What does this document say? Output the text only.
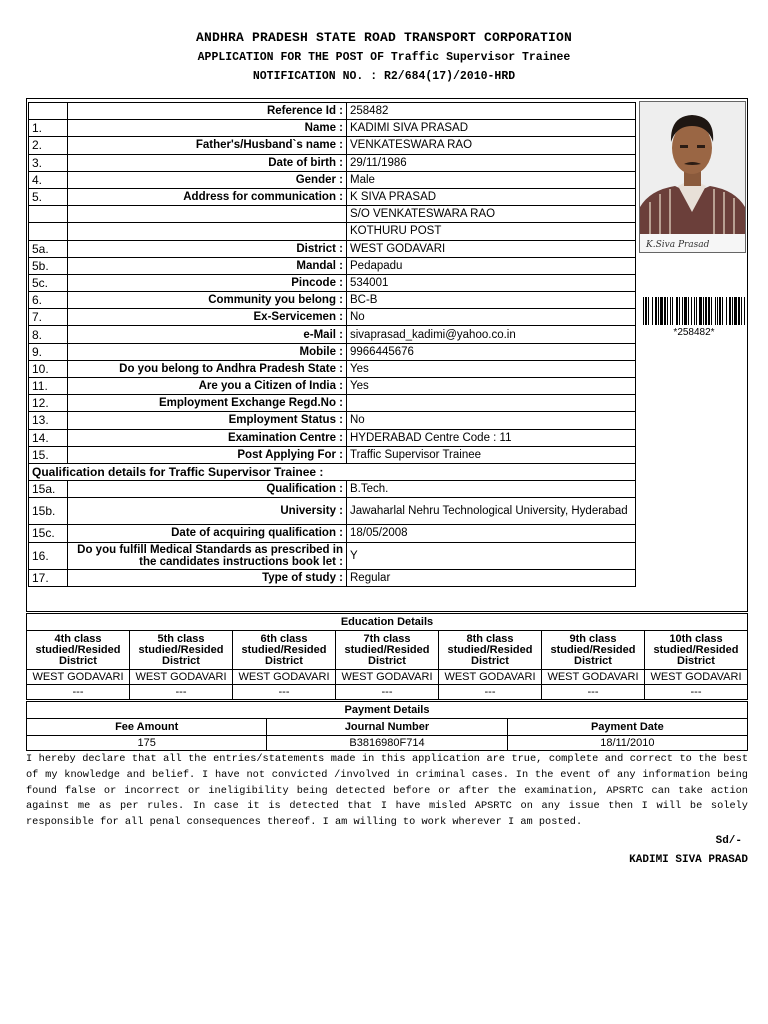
ANDHRA PRADESH STATE ROAD TRANSPORT CORPORATION
APPLICATION FOR THE POST OF Traffic Supervisor Trainee
NOTIFICATION NO. : R2/684(17)/2010-HRD
	Reference Id :	258482
1.	Name :	KADIMI SIVA PRASAD
2.	Father's/Husband`s name :	VENKATESWARA RAO
3.	Date of birth :	29/11/1986
4.	Gender :	Male
5.	Address for communication :	K SIVA PRASAD
		S/O VENKATESWARA RAO
		KOTHURU POST
5a.	District :	WEST GODAVARI
5b.	Mandal :	Pedapadu
5c.	Pincode :	534001
6.	Community you belong :	BC-B
7.	Ex-Servicemen :	No
8.	e-Mail :	sivaprasad_kadimi@yahoo.co.in
9.	Mobile :	9966445676
10.	Do you belong to Andhra Pradesh State :	Yes
11.	Are you a Citizen of India :	Yes
12.	Employment Exchange Regd.No :	
13.	Employment Status :	No
14.	Examination Centre :	HYDERABAD Centre Code : 11
15.	Post Applying For :	Traffic Supervisor Trainee
Qualification details for Traffic Supervisor Trainee :		
15a.	Qualification :	B.Tech.
15b.	University :	Jawaharlal Nehru Technological University, Hyderabad
15c.	Date of acquiring qualification :	18/05/2008
16.	Do you fulfill Medical Standards as prescribed in the candidates instructions book let :	Y
17.	Type of study :	Regular
K.Siva Prasad
*258482*
Education Details						
4th class studied/Resided District	5th class studied/Resided District	6th class studied/Resided District	7th class studied/Resided District	8th class studied/Resided District	9th class studied/Resided District	10th class studied/Resided District
WEST GODAVARI	WEST GODAVARI	WEST GODAVARI	WEST GODAVARI	WEST GODAVARI	WEST GODAVARI	WEST GODAVARI
---	---	---	---	---	---	---
Payment Details		
Fee Amount	Journal Number	Payment Date
175	B3816980F714	18/11/2010
I hereby declare that all the entries/statements made in this application are true, complete and correct to the best of my knowledge and belief. I have not convicted /involved in criminal cases. In the event of any information being found false or incorrect or ineligibility being detected before or after the examination, APSRTC can take action against me as per rules. In case it is detected that I have misled APSRTC on any issue then I will be solely responsible for all penal consequences thereof. I am willing to work wherever I am posted.
Sd/-
KADIMI SIVA PRASAD
